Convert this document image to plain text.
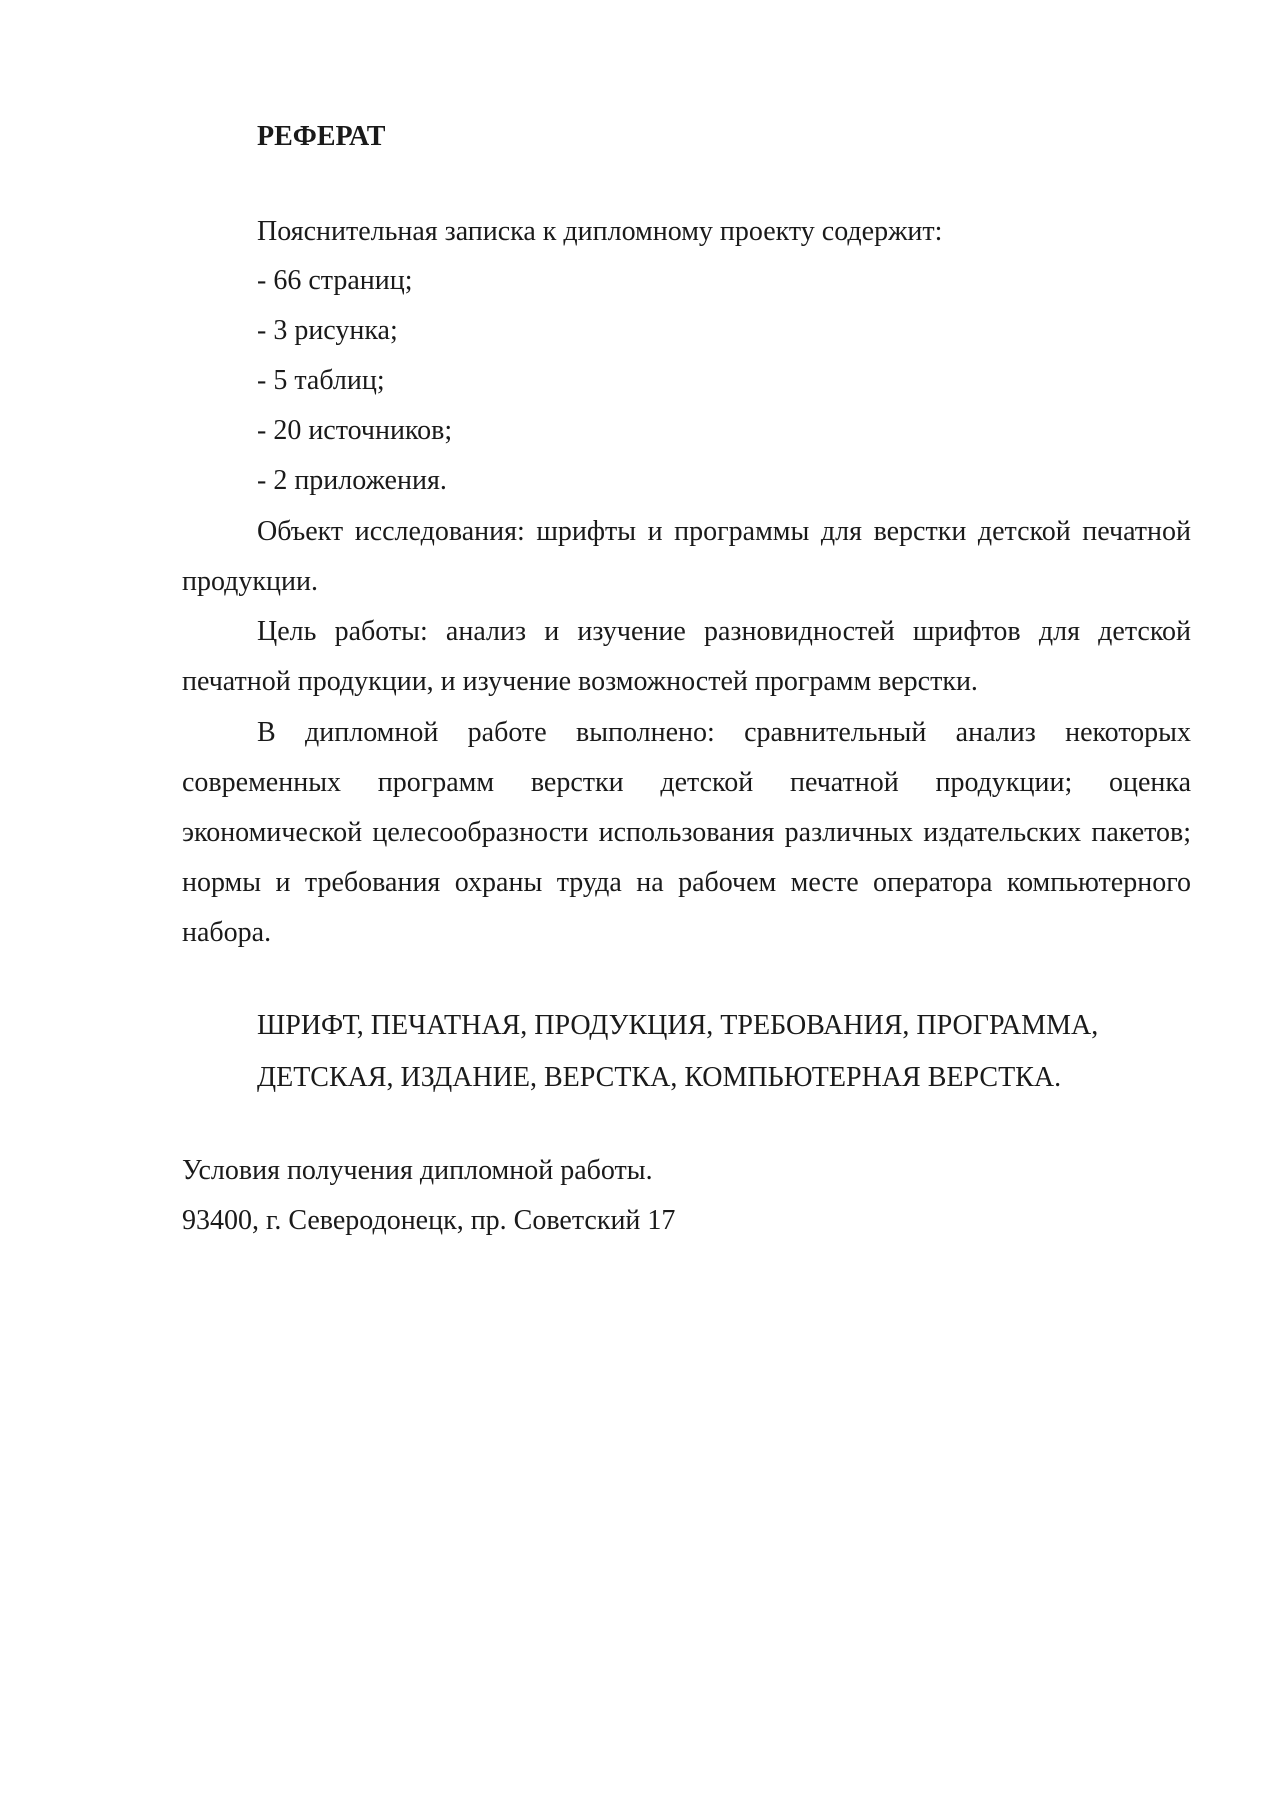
РЕФЕРАТ

Пояснительная записка к дипломному проекту содержит:

- 66 страниц;

- 3 рисунка;

- 5 таблиц;

- 20 источников;

- 2 приложения.

Объект исследования: шрифты и программы для верстки детской печатной продукции.

Цель работы: анализ и изучение разновидностей шрифтов для детской печатной продукции, и изучение возможностей программ верстки.

В дипломной работе выполнено: сравнительный анализ некоторых современных программ верстки детской печатной продукции; оценка экономической целесообразности использования различных издательских пакетов; нормы и требования охраны труда на рабочем месте оператора компьютерного набора.

ШРИФТ, ПЕЧАТНАЯ, ПРОДУКЦИЯ, ТРЕБОВАНИЯ, ПРОГРАММА, ДЕТСКАЯ, ИЗДАНИЕ, ВЕРСТКА, КОМПЬЮТЕРНАЯ ВЕРСТКА.

Условия получения дипломной работы.

93400, г. Северодонецк, пр. Советский 17
